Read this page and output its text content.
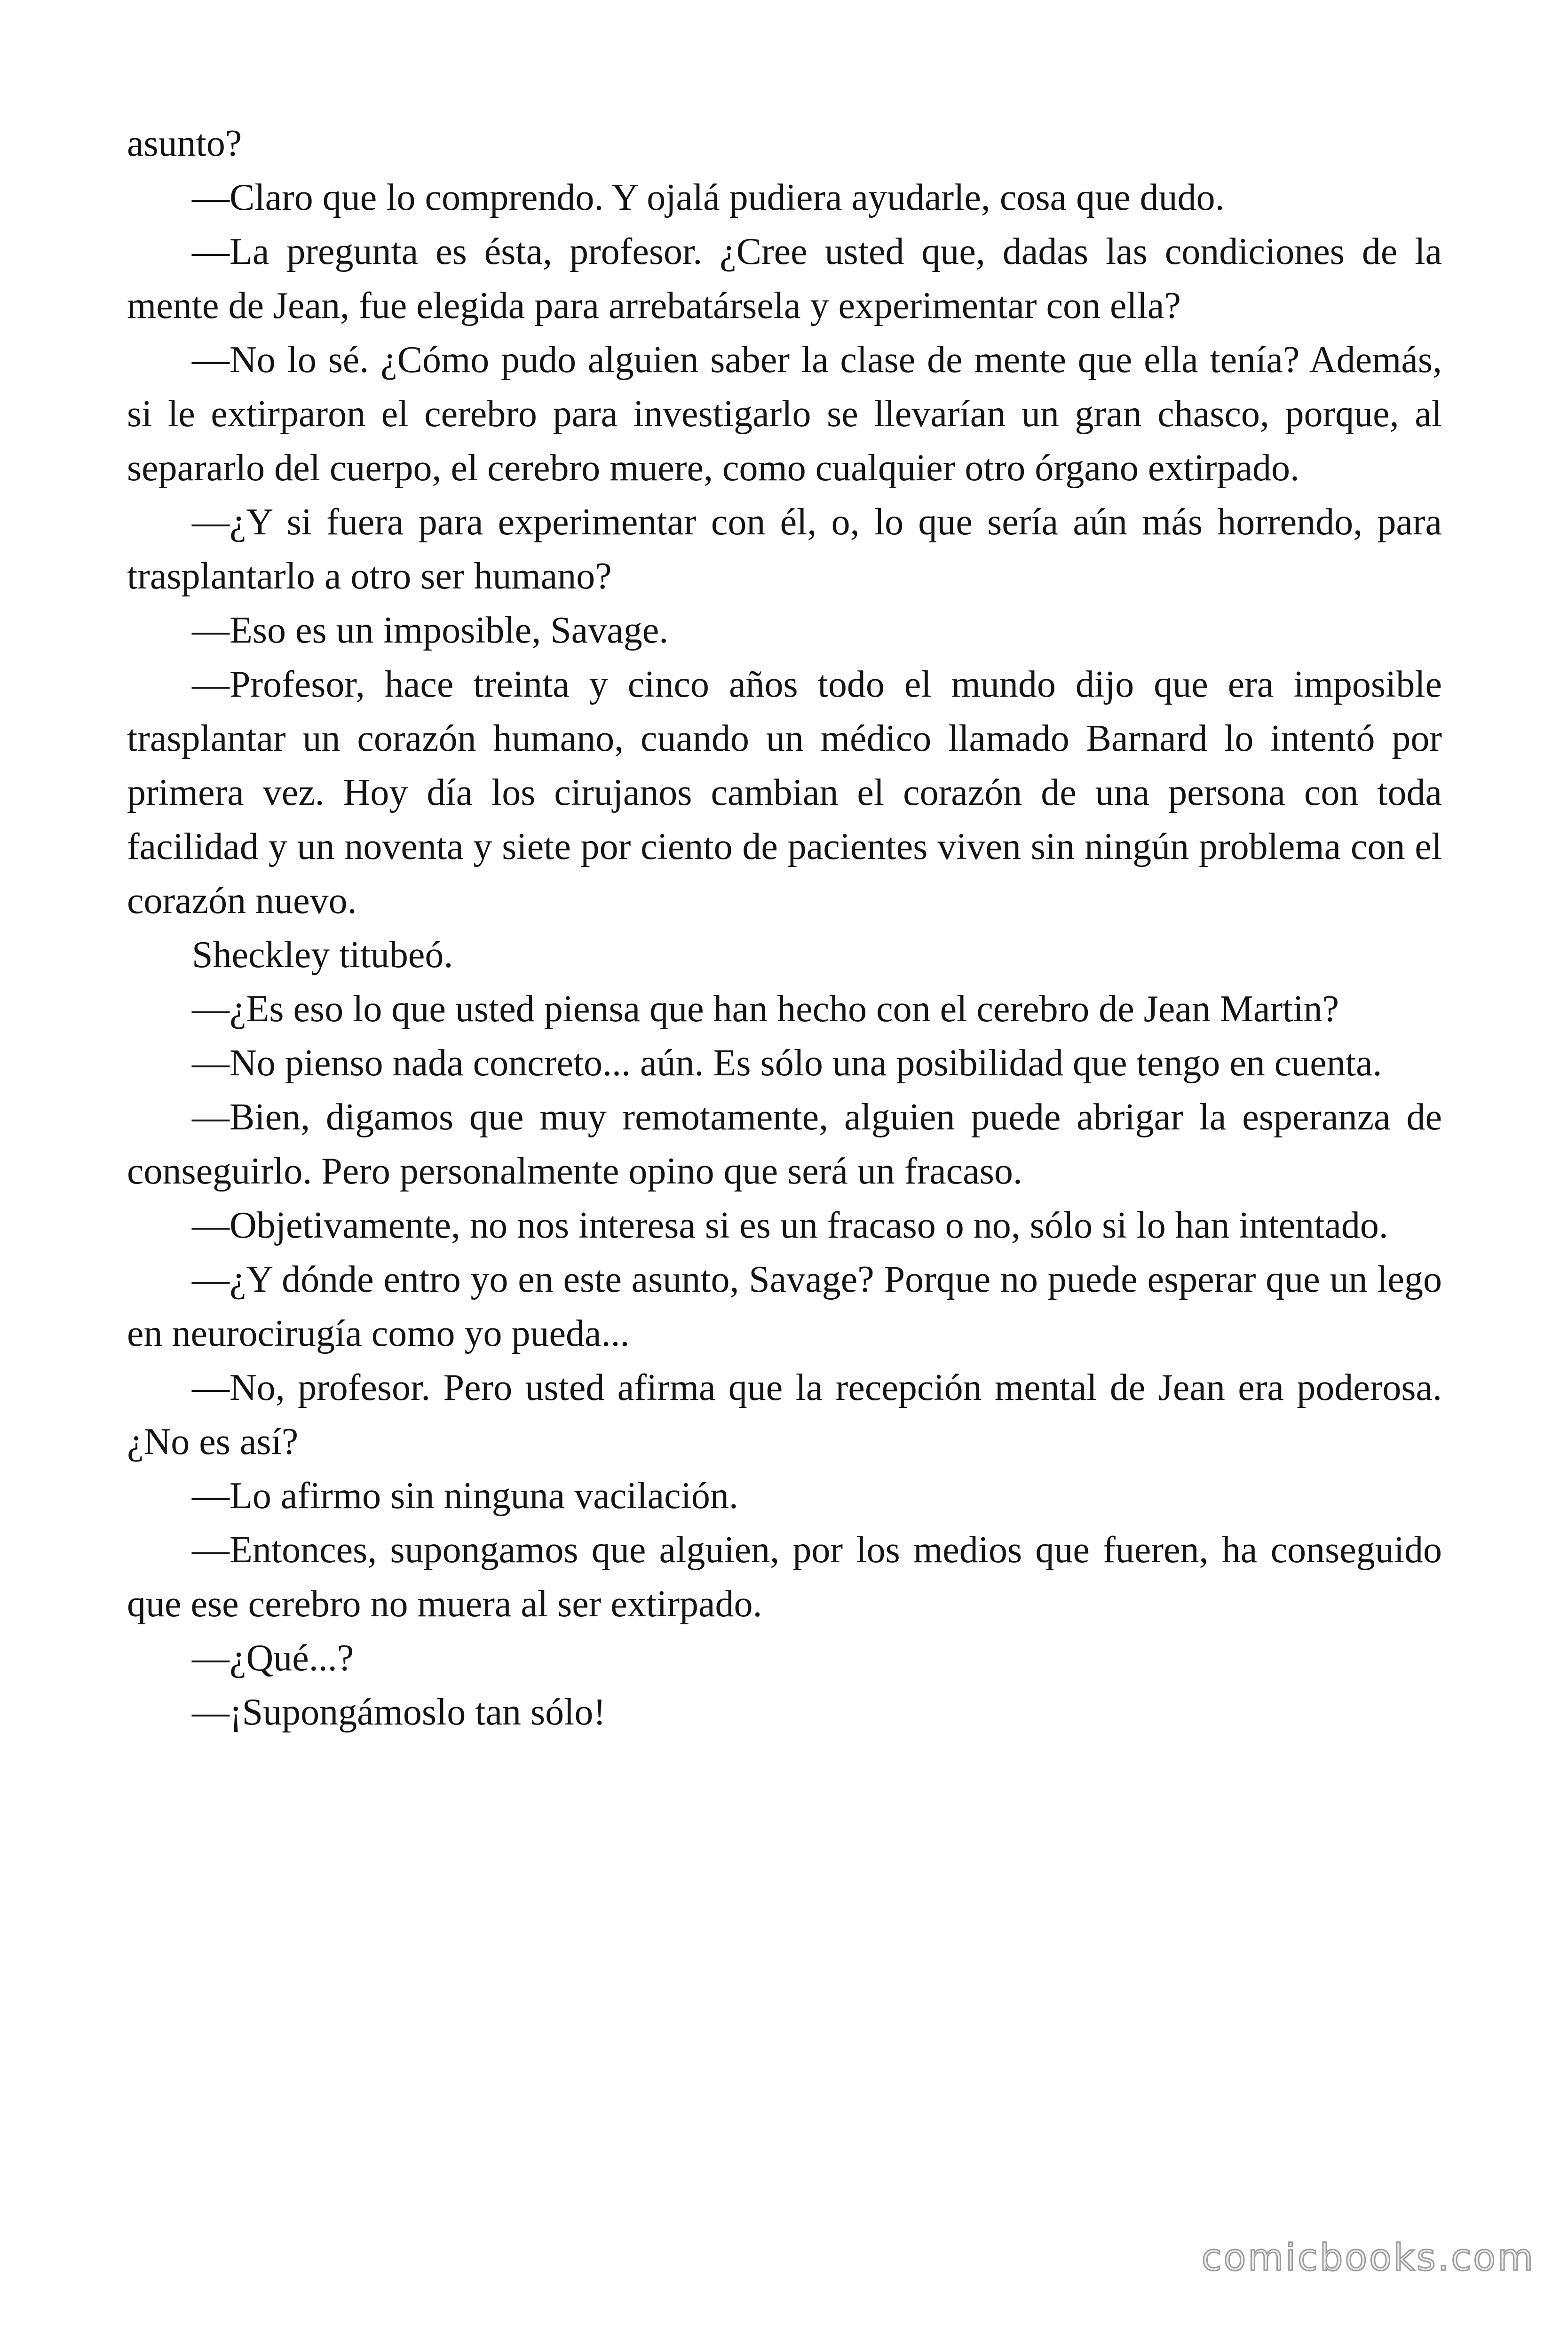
asunto?

—Claro que lo comprendo. Y ojalá pudiera ayudarle, cosa que dudo.

—La pregunta es ésta, profesor. ¿Cree usted que, dadas las condiciones de la mente de Jean, fue elegida para arrebatársela y experimentar con ella?

—No lo sé. ¿Cómo pudo alguien saber la clase de mente que ella tenía? Además, si le extirparon el cerebro para investigarlo se llevarían un gran chasco, porque, al separarlo del cuerpo, el cerebro muere, como cualquier otro órgano extirpado.

—¿Y si fuera para experimentar con él, o, lo que sería aún más horrendo, para trasplantarlo a otro ser humano?

—Eso es un imposible, Savage.

—Profesor, hace treinta y cinco años todo el mundo dijo que era imposible trasplantar un corazón humano, cuando un médico llamado Barnard lo intentó por primera vez. Hoy día los cirujanos cambian el corazón de una persona con toda facilidad y un noventa y siete por ciento de pacientes viven sin ningún problema con el corazón nuevo.

Sheckley titubeó.

—¿Es eso lo que usted piensa que han hecho con el cerebro de Jean Martin?

—No pienso nada concreto... aún. Es sólo una posibilidad que tengo en cuenta.

—Bien, digamos que muy remotamente, alguien puede abrigar la esperanza de conseguirlo. Pero personalmente opino que será un fracaso.

—Objetivamente, no nos interesa si es un fracaso o no, sólo si lo han intentado.

—¿Y dónde entro yo en este asunto, Savage? Porque no puede esperar que un lego en neurocirugía como yo pueda...

—No, profesor. Pero usted afirma que la recepción mental de Jean era poderosa. ¿No es así?

—Lo afirmo sin ninguna vacilación.

—Entonces, supongamos que alguien, por los medios que fueren, ha conseguido que ese cerebro no muera al ser extirpado.

—¿Qué...?

—¡Supongámoslo tan sólo!

comicbooks.com
